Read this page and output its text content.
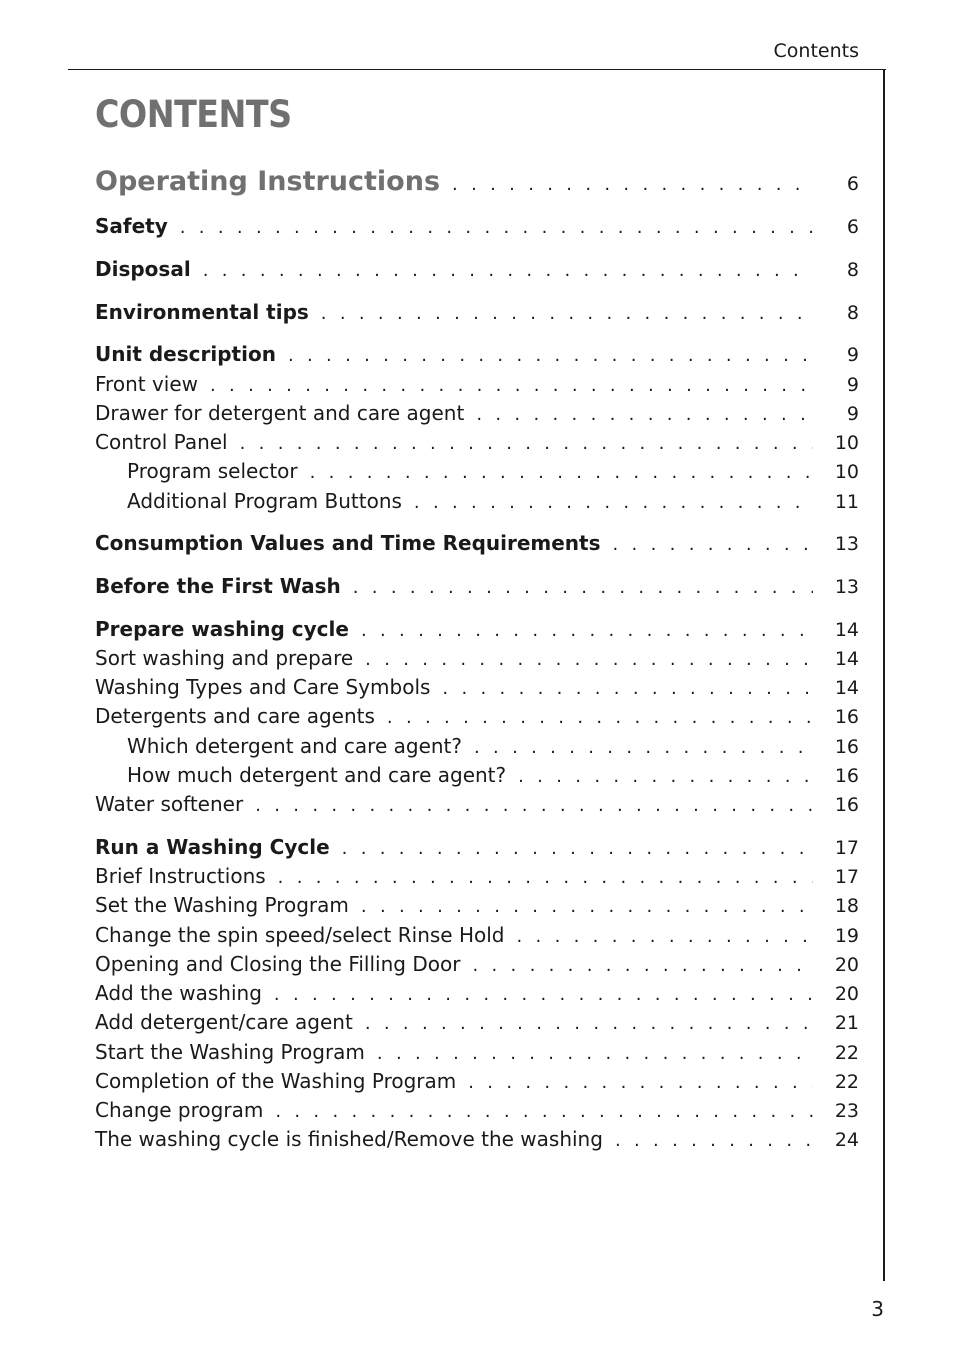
Contents
CONTENTS
Operating Instructions . . .	6
Safety . . .	6
Disposal . . .	8
Environmental tips . . .	8
Unit description . . .	9
Front view . . .	9
Drawer for detergent and care agent . . .	9
Control Panel . . .	10
Program selector . . .	10
Additional Program Buttons . . .	11
Consumption Values and Time Requirements . . .	13
Before the First Wash . . .	13
Prepare washing cycle . . .	14
Sort washing and prepare . . .	14
Washing Types and Care Symbols . . .	14
Detergents and care agents . . .	16
Which detergent and care agent? . . .	16
How much detergent and care agent? . . .	16
Water softener . . .	16
Run a Washing Cycle . . .	17
Brief Instructions . . .	17
Set the Washing Program . . .	18
Change the spin speed/select Rinse Hold . . .	19
Opening and Closing the Filling Door . . .	20
Add the washing . . .	20
Add detergent/care agent . . .	21
Start the Washing Program . . .	22
Completion of the Washing Program . . .	22
Change program . . .	23
The washing cycle is finished/Remove the washing . . .	24
3
